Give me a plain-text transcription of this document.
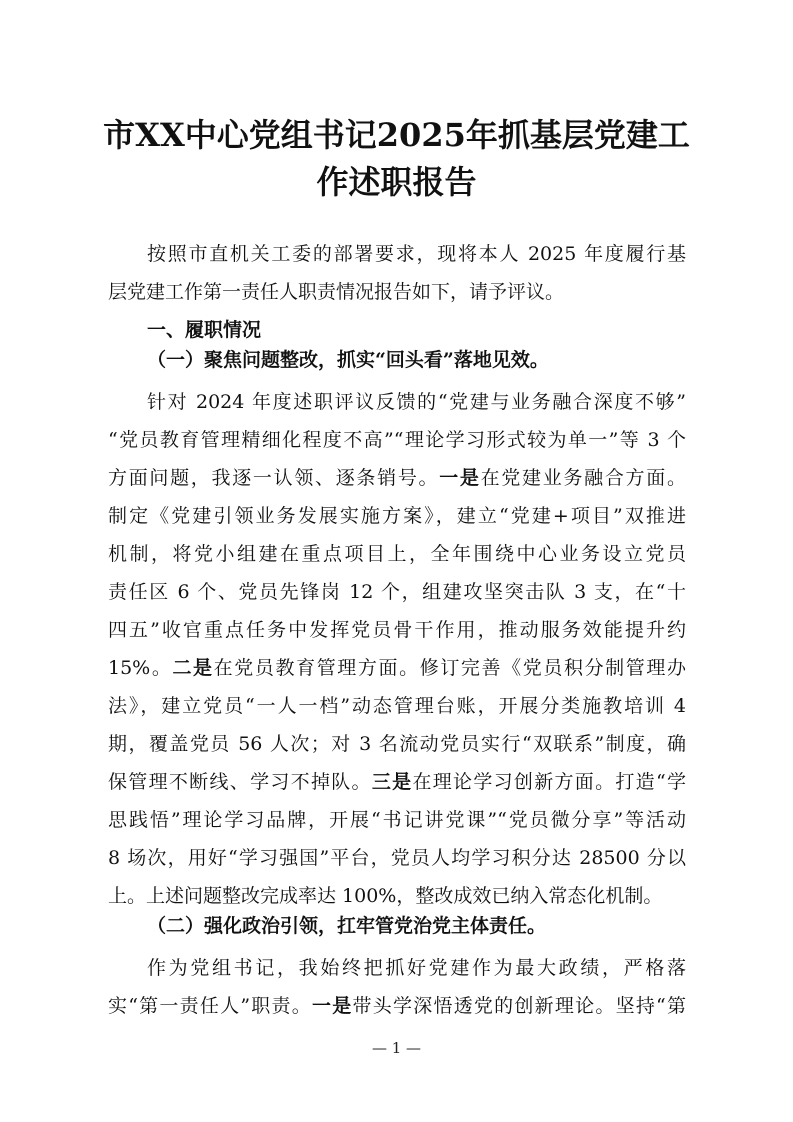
市XX中心党组书记2025年抓基层党建工
作述职报告

按照市直机关工委的部署要求，现将本人 2025 年度履行基

层党建工作第一责任人职责情况报告如下，请予评议。

一、履职情况

（一）聚焦问题整改，抓实“回头看”落地见效。

针对 2024 年度述职评议反馈的“党建与业务融合深度不够”

“党员教育管理精细化程度不高”“理论学习形式较为单一”等 3 个

方面问题，我逐一认领、逐条销号。一是在党建业务融合方面。

制定《党建引领业务发展实施方案》，建立“党建+项目”双推进

机制，将党小组建在重点项目上，全年围绕中心业务设立党员

责任区 6 个、党员先锋岗 12 个，组建攻坚突击队 3 支，在“十

四五”收官重点任务中发挥党员骨干作用，推动服务效能提升约

15%。二是在党员教育管理方面。修订完善《党员积分制管理办

法》，建立党员“一人一档”动态管理台账，开展分类施教培训 4

期，覆盖党员 56 人次；对 3 名流动党员实行“双联系”制度，确

保管理不断线、学习不掉队。三是在理论学习创新方面。打造“学

思践悟”理论学习品牌，开展“书记讲党课”“党员微分享”等活动

8 场次，用好“学习强国”平台，党员人均学习积分达 28500 分以

上。上述问题整改完成率达 100%，整改成效已纳入常态化机制。

（二）强化政治引领，扛牢管党治党主体责任。

作为党组书记，我始终把抓好党建作为最大政绩，严格落

实“第一责任人”职责。一是带头学深悟透党的创新理论。坚持“第

— 1 —
